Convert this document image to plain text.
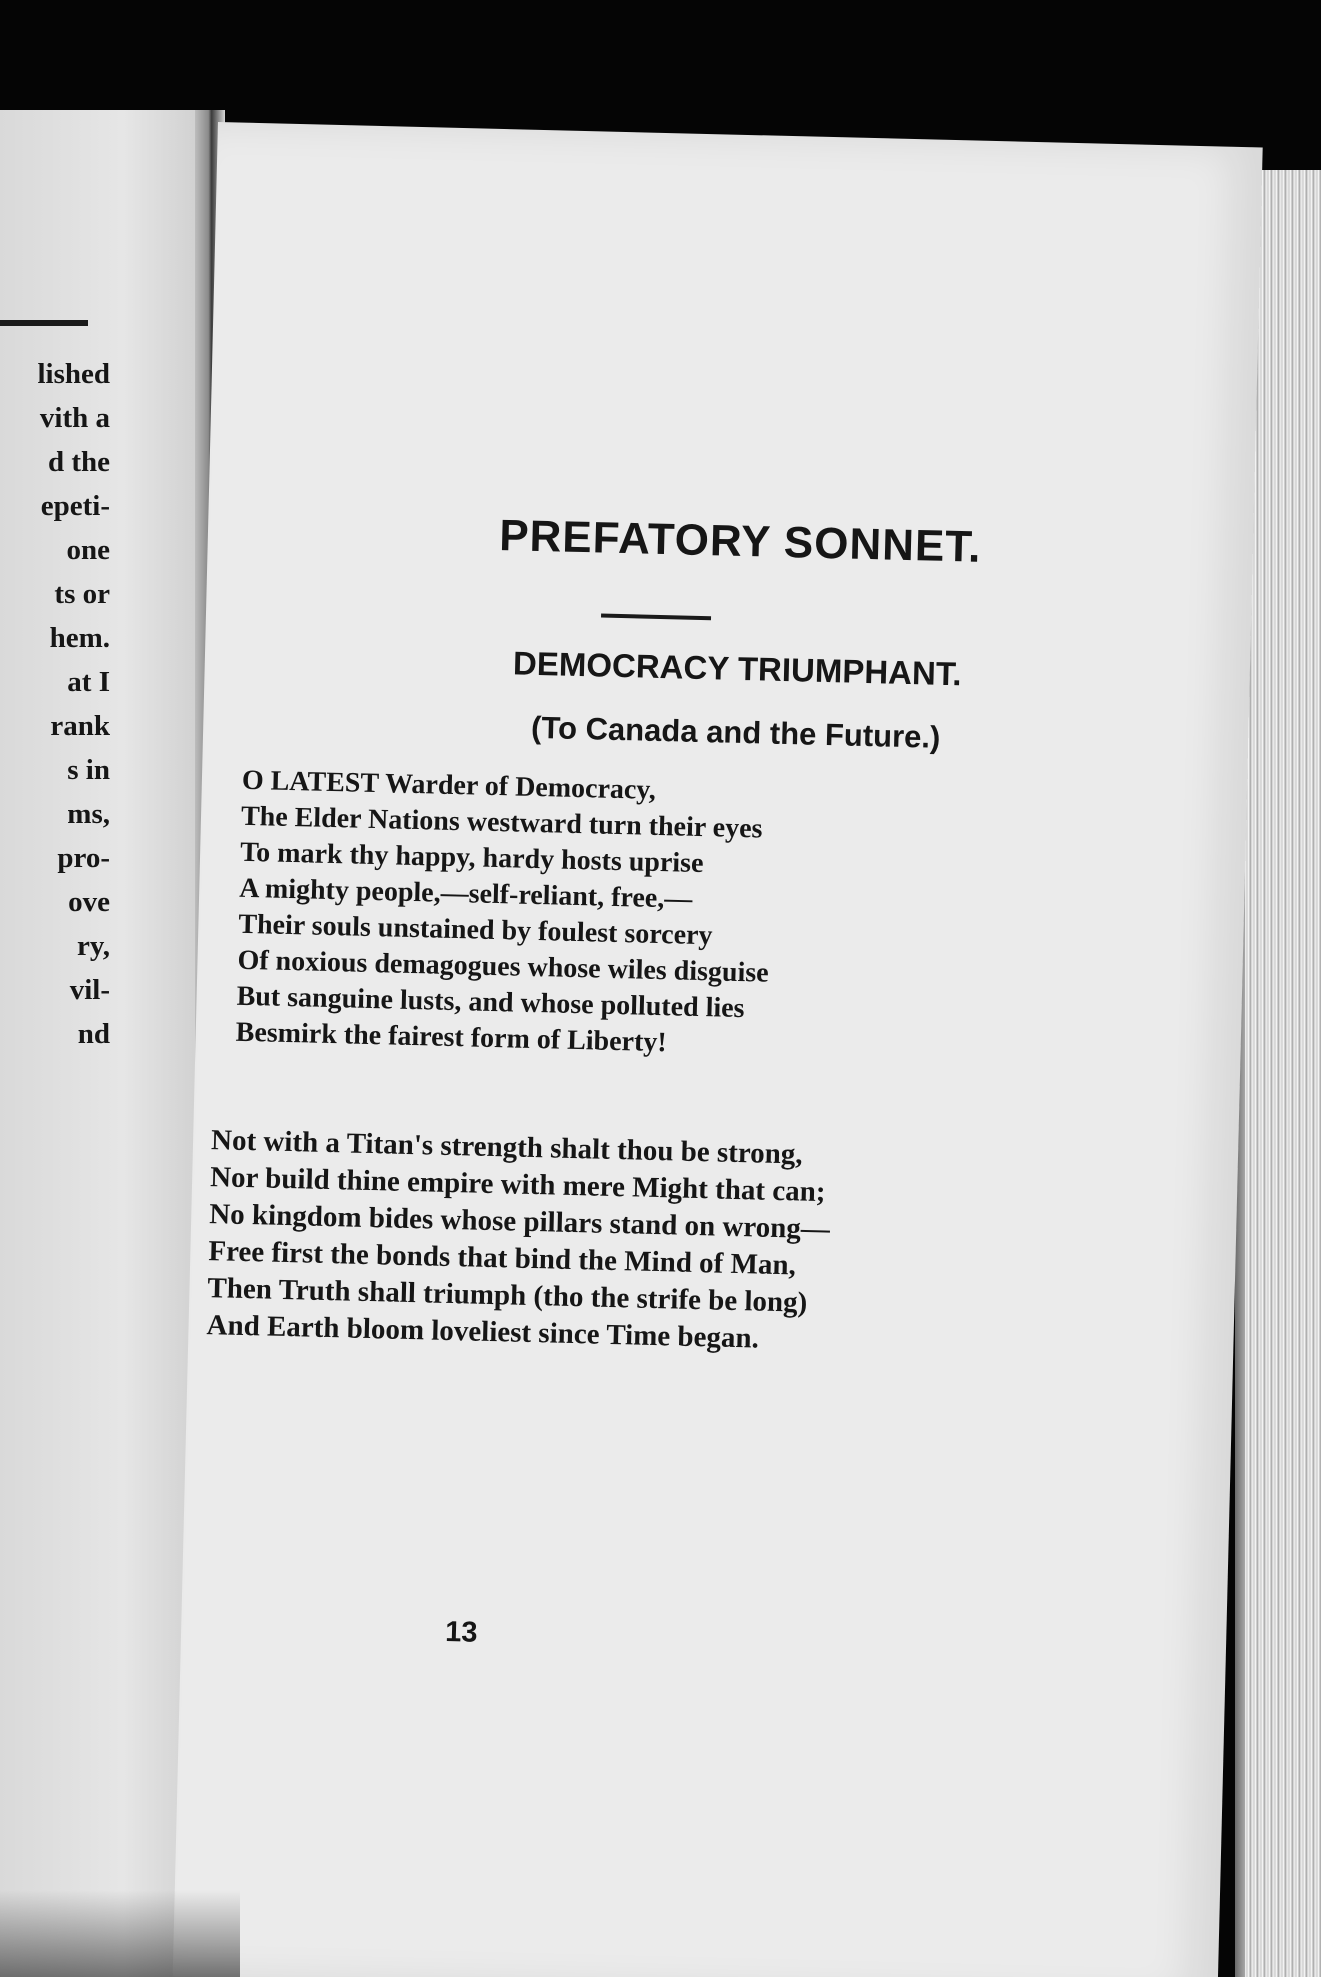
lished
vith a
d the
epeti-
one
ts or
hem.
at I
rank
s in
ms,
pro-
ove
ry,
vil-
nd
PREFATORY SONNET.
DEMOCRACY TRIUMPHANT.
(To Canada and the Future.)
O LATEST Warder of Democracy,
The Elder Nations westward turn their eyes
To mark thy happy, hardy hosts uprise
A mighty people,—self-reliant, free,—
Their souls unstained by foulest sorcery
Of noxious demagogues whose wiles disguise
But sanguine lusts, and whose polluted lies
Besmirk the fairest form of Liberty!
Not with a Titan's strength shalt thou be strong,
Nor build thine empire with mere Might that can;
No kingdom bides whose pillars stand on wrong—
Free first the bonds that bind the Mind of Man,
Then Truth shall triumph (tho the strife be long)
And Earth bloom loveliest since Time began.
13
